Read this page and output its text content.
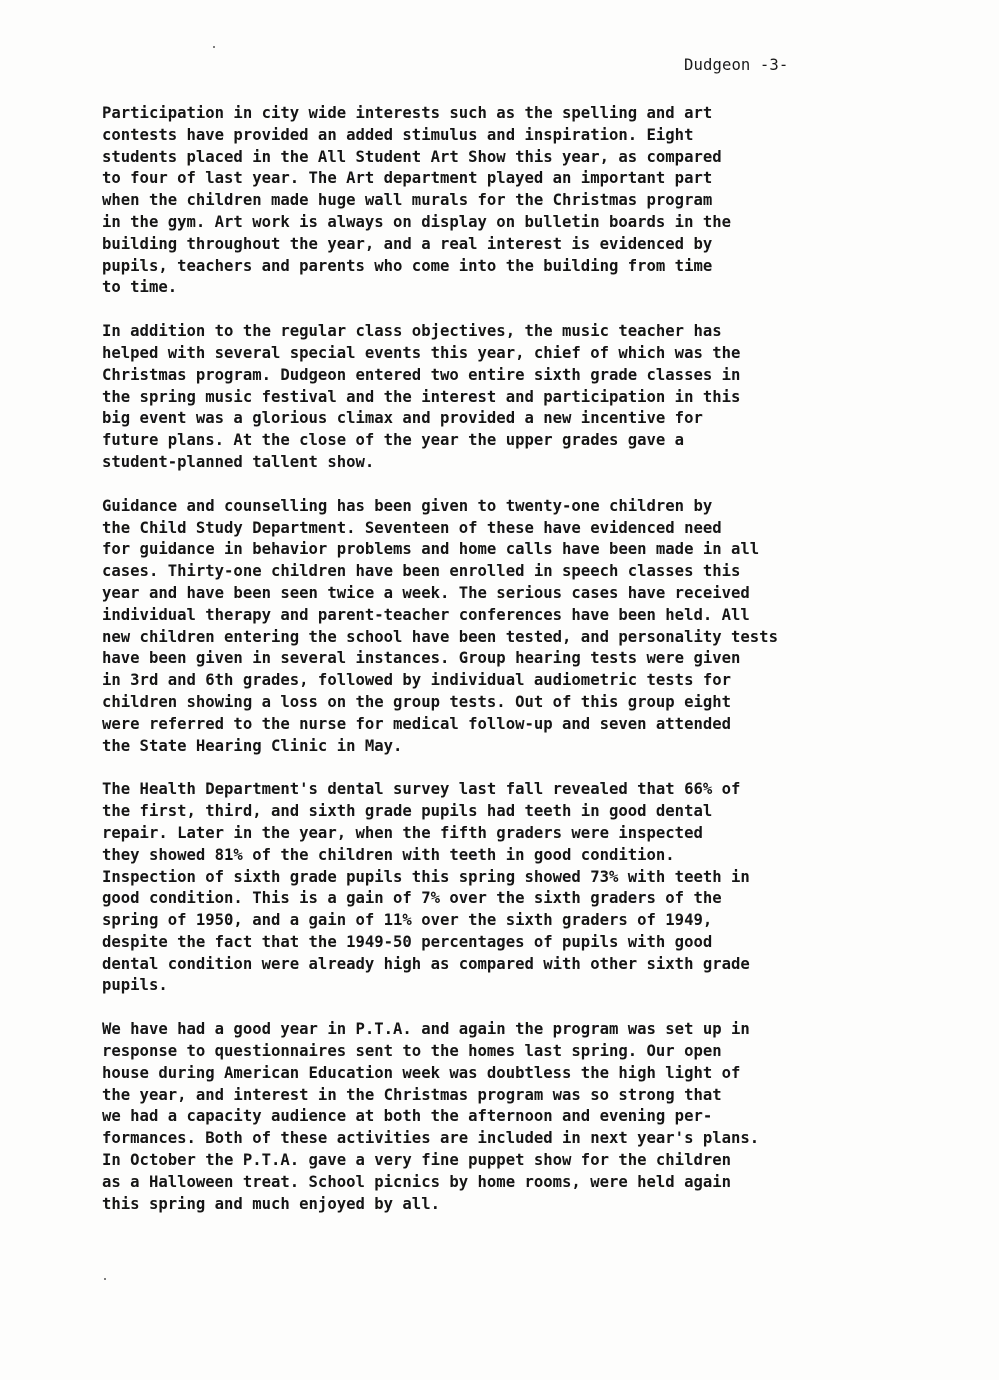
Dudgeon -3-

Participation in city wide interests such as the spelling and art
contests have provided an added stimulus and inspiration. Eight
students placed in the All Student Art Show this year, as compared
to four of last year. The Art department played an important part
when the children made huge wall murals for the Christmas program
in the gym. Art work is always on display on bulletin boards in the
building throughout the year, and a real interest is evidenced by
pupils, teachers and parents who come into the building from time
to time.

In addition to the regular class objectives, the music teacher has
helped with several special events this year, chief of which was the
Christmas program. Dudgeon entered two entire sixth grade classes in
the spring music festival and the interest and participation in this
big event was a glorious climax and provided a new incentive for
future plans. At the close of the year the upper grades gave a
student-planned tallent show.

Guidance and counselling has been given to twenty-one children by
the Child Study Department. Seventeen of these have evidenced need
for guidance in behavior problems and home calls have been made in all
cases. Thirty-one children have been enrolled in speech classes this
year and have been seen twice a week. The serious cases have received
individual therapy and parent-teacher conferences have been held. All
new children entering the school have been tested, and personality tests
have been given in several instances. Group hearing tests were given
in 3rd and 6th grades, followed by individual audiometric tests for
children showing a loss on the group tests. Out of this group eight
were referred to the nurse for medical follow-up and seven attended
the State Hearing Clinic in May.

The Health Department's dental survey last fall revealed that 66% of
the first, third, and sixth grade pupils had teeth in good dental
repair. Later in the year, when the fifth graders were inspected
they showed 81% of the children with teeth in good condition.
Inspection of sixth grade pupils this spring showed 73% with teeth in
good condition. This is a gain of 7% over the sixth graders of the
spring of 1950, and a gain of 11% over the sixth graders of 1949,
despite the fact that the 1949-50 percentages of pupils with good
dental condition were already high as compared with other sixth grade
pupils.

We have had a good year in P.T.A. and again the program was set up in
response to questionnaires sent to the homes last spring. Our open
house during American Education week was doubtless the high light of
the year, and interest in the Christmas program was so strong that
we had a capacity audience at both the afternoon and evening per-
formances. Both of these activities are included in next year's plans.
In October the P.T.A. gave a very fine puppet show for the children
as a Halloween treat. School picnics by home rooms, were held again
this spring and much enjoyed by all.
